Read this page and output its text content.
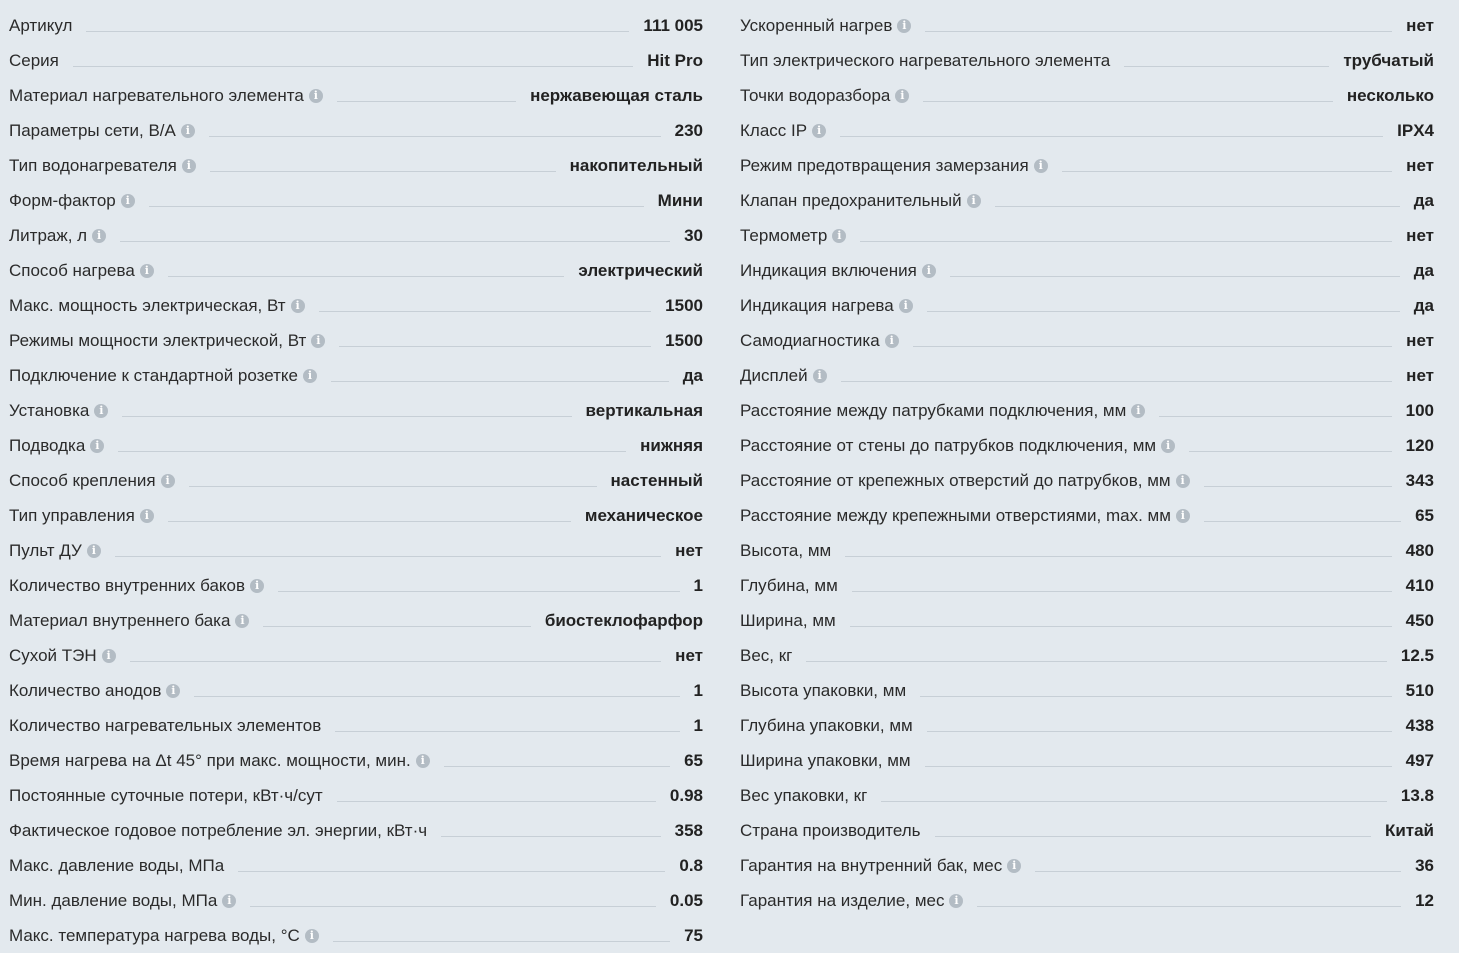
Артикул	111 005
Серия	Hit Pro
Материал нагревательного элемента i	нержавеющая сталь
Параметры сети, В/А i	230
Тип водонагревателя i	накопительный
Форм-фактор i	Мини
Литраж, л i	30
Способ нагрева i	электрический
Макс. мощность электрическая, Вт i	1500
Режимы мощности электрической, Вт i	1500
Подключение к стандартной розетке i	да
Установка i	вертикальная
Подводка i	нижняя
Способ крепления i	настенный
Тип управления i	механическое
Пульт ДУ i	нет
Количество внутренних баков i	1
Материал внутреннего бака i	биостеклофарфор
Сухой ТЭН i	нет
Количество анодов i	1
Количество нагревательных элементов	1
Время нагрева на Δt 45° при макс. мощности, мин. i	65
Постоянные суточные потери, кВт·ч/сут	0.98
Фактическое годовое потребление эл. энергии, кВт·ч	358
Макс. давление воды, МПа	0.8
Мин. давление воды, МПа i	0.05
Макс. температура нагрева воды, °С i	75
Ускоренный нагрев i	нет
Тип электрического нагревательного элемента	трубчатый
Точки водоразбора i	несколько
Класс IP i	IPX4
Режим предотвращения замерзания i	нет
Клапан предохранительный i	да
Термометр i	нет
Индикация включения i	да
Индикация нагрева i	да
Самодиагностика i	нет
Дисплей i	нет
Расстояние между патрубками подключения, мм i	100
Расстояние от стены до патрубков подключения, мм i	120
Расстояние от крепежных отверстий до патрубков, мм i	343
Расстояние между крепежными отверстиями, max. мм i	65
Высота, мм	480
Глубина, мм	410
Ширина, мм	450
Вес, кг	12.5
Высота упаковки, мм	510
Глубина упаковки, мм	438
Ширина упаковки, мм	497
Вес упаковки, кг	13.8
Страна производитель	Китай
Гарантия на внутренний бак, мес i	36
Гарантия на изделие, мес i	12
